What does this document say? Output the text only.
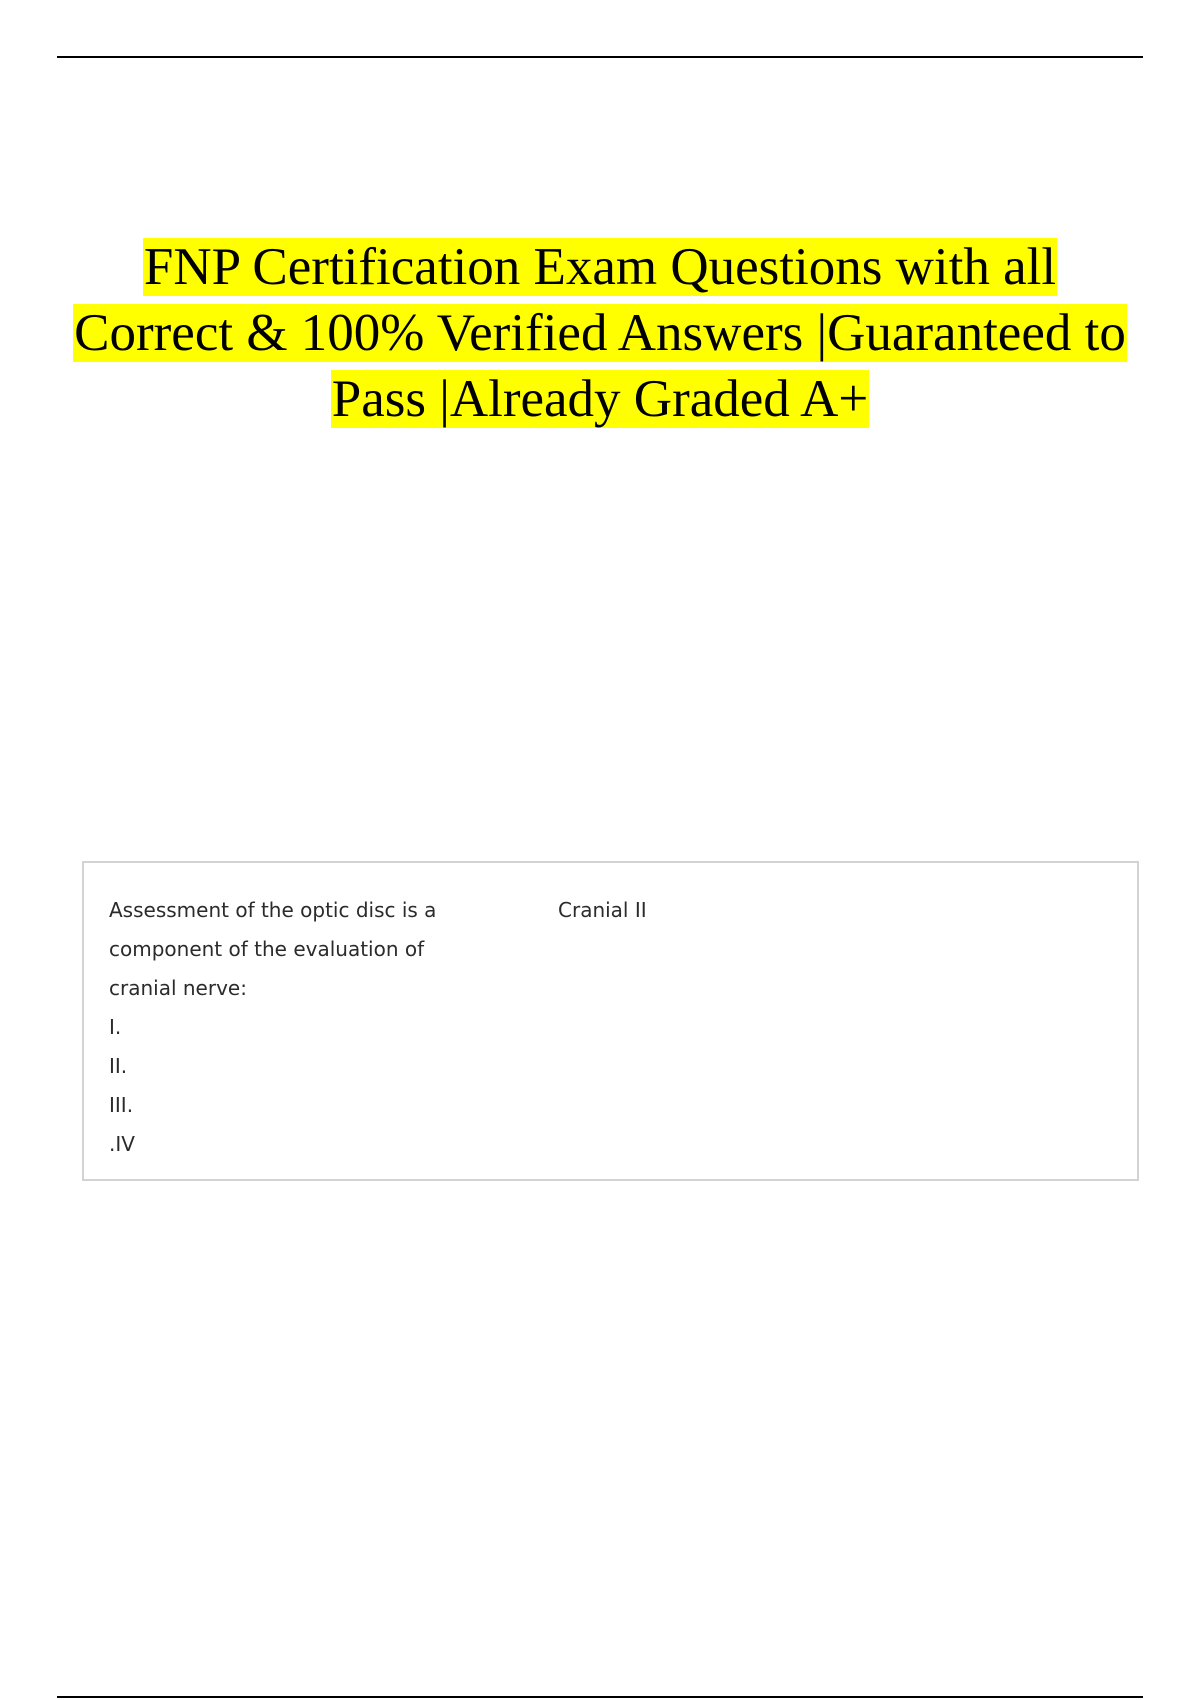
FNP Certification Exam Questions with all
Correct & 100% Verified Answers |Guaranteed to
Pass |Already Graded A+
Assessment of the optic disc is a
component of the evaluation of
cranial nerve:
I.
II.
III.
.IV
Cranial II
